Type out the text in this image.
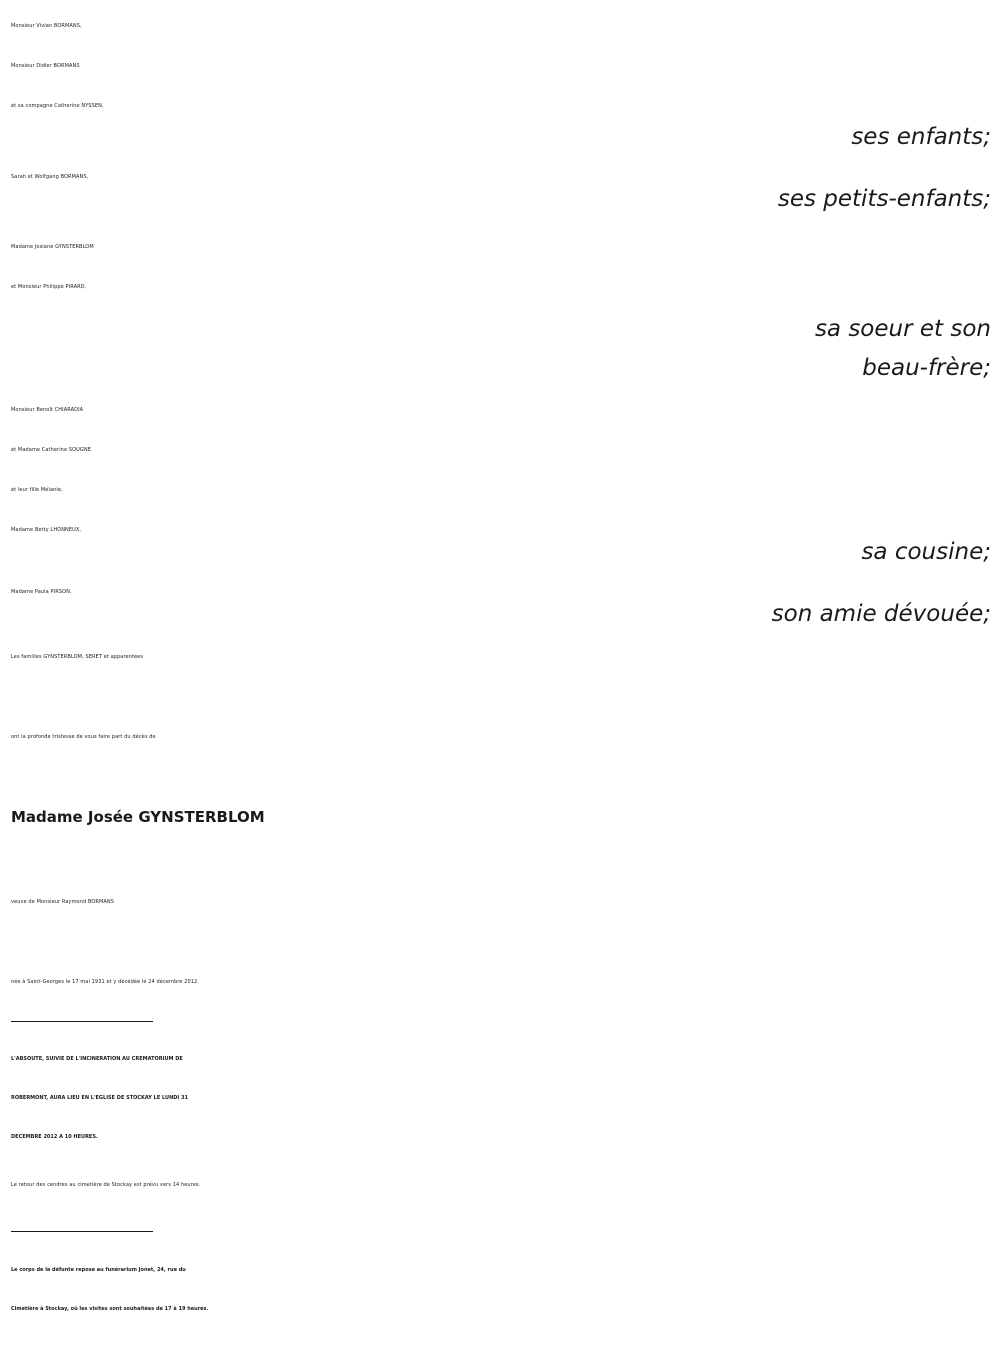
Monsieur Vivian BORMANS,
Monsieur Didier BORMANS
et sa compagne Catherine NYSSEN,
ses enfants;
Sarah et Wolfgang BORMANS,
ses petits-enfants;
Madame Josiane GYNSTERBLOM
et Monsieur Philippe PIRARD,
sa soeur et son
beau-frère;
Monsieur Benoît CHIARADIA
et Madame Catherine SOUGNE
et leur fille Mélanie,
Madame Betty LHONNEUX,
sa cousine;
Madame Paula PIRSON,
son amie dévouée;
Les familles GYNSTERBLOM, SERET et apparentées
ont la profonde tristesse de vous faire part du décès de
Madame Josée GYNSTERBLOM
veuve de Monsieur Raymond BORMANS
née à Saint-Georges le 17 mai 1931 et y décédée le 24 décembre 2012.
L'ABSOUTE, SUIVIE DE L'INCINERATION AU CREMATORIUM DE
ROBERMONT, AURA LIEU EN L'EGLISE DE STOCKAY LE LUNDI 31
DECEMBRE 2012 A 10 HEURES.
Le retour des cendres au cimetière de Stockay est prévu vers 14 heures.
Le corps de la défunte repose au funérarium Jonet, 24, rue du
Cimetière à Stockay, où les visites sont souhaitées de 17 à 19 heures.
